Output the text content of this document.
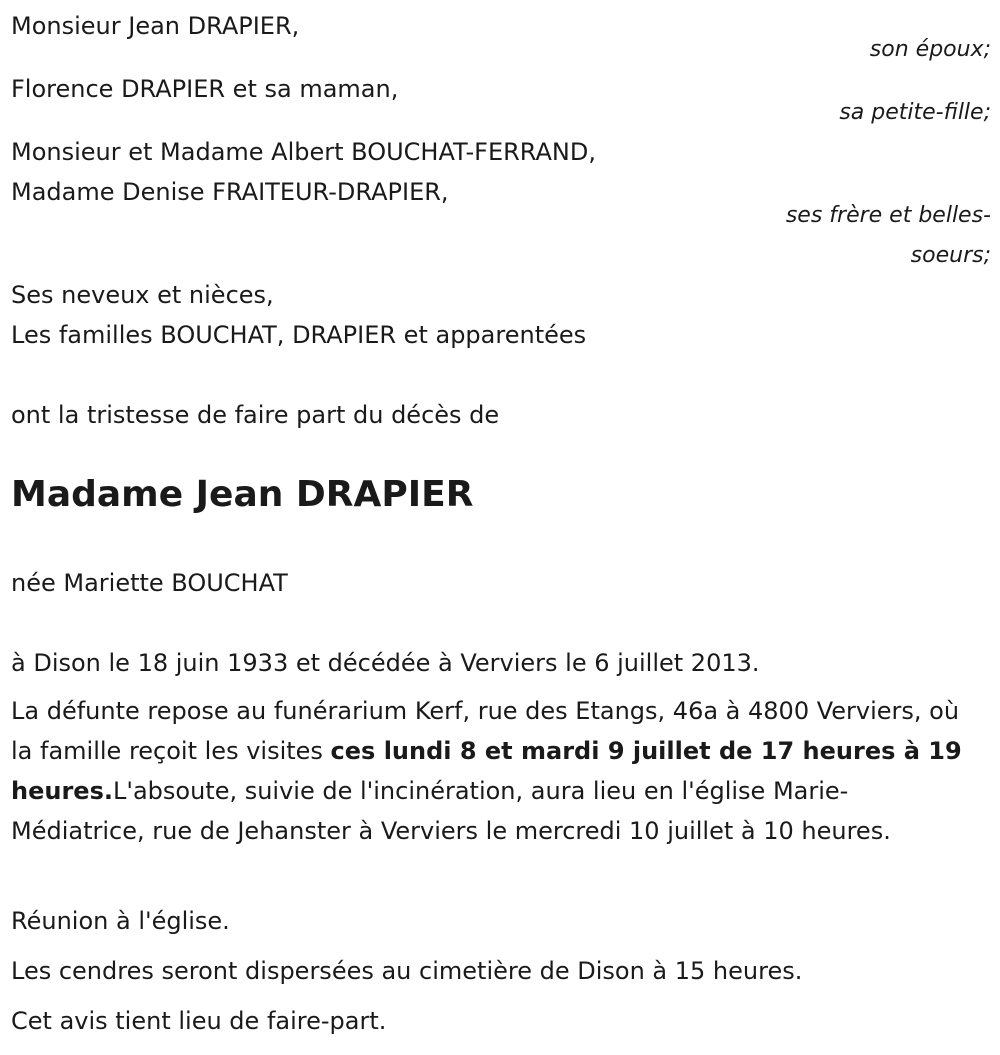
Monsieur Jean DRAPIER,
son époux;
Florence DRAPIER et sa maman,
sa petite-fille;
Monsieur et Madame Albert BOUCHAT-FERRAND,
Madame Denise FRAITEUR-DRAPIER,
ses frère et belles-
soeurs;
Ses neveux et nièces,
Les familles BOUCHAT, DRAPIER et apparentées
ont la tristesse de faire part du décès de
Madame Jean DRAPIER
née Mariette BOUCHAT
à Dison le 18 juin 1933 et décédée à Verviers le 6 juillet 2013.
La défunte repose au funérarium Kerf, rue des Etangs, 46a à 4800 Verviers, où la famille reçoit les visites ces lundi 8 et mardi 9 juillet de 17 heures à 19 heures.L'absoute, suivie de l'incinération, aura lieu en l'église Marie-Médiatrice, rue de Jehanster à Verviers le mercredi 10 juillet à 10 heures.
Réunion à l'église.
Les cendres seront dispersées au cimetière de Dison à 15 heures.
Cet avis tient lieu de faire-part.
